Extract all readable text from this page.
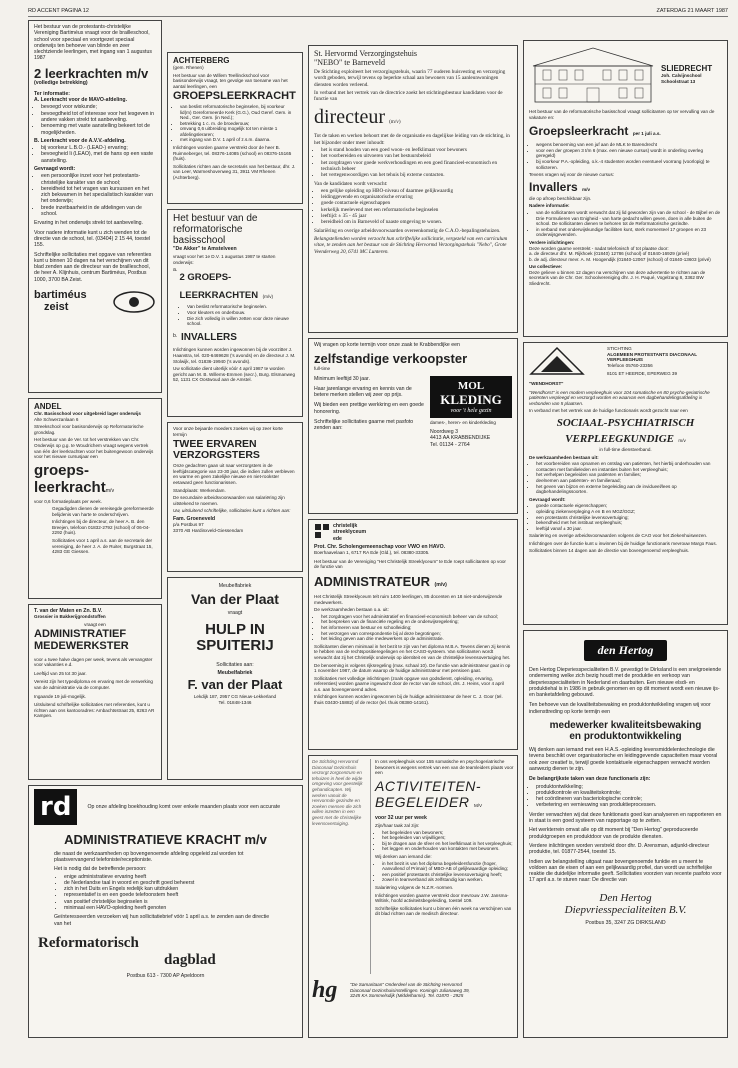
RD ACCENT PAGINA 12	ZATERDAG 21 MAART 1987
Het bestuur van de protestants-christelijke Vereniging Bartiméus vraagt voor de brailleschool, school voor speciaal en voortgezet speciaal onderwijs ten behoeve van blinde en zeer slechtziende leerlingen, met ingang van 1 augustus 1987
2 leerkrachten m/v
(volledige betrekking)
Ter informatie:
A. Leerkracht voor de MAVO-afdeling.
• bevoegd voor wiskunde;
• bevoegdheid tot of interesse voor het lesgeven in andere vakken strekt tot aanbeveling.
• benoeming met vaste aanstelling bekeert tot de mogelijkheden.
B. Leerkracht voor de A.V.V.-afdeling.
• bij voorkeur L.B.O.- (LEAO-) ervaring;
• bevoegheid Ii (LEAO), met de hans op een vaste aanstelling.
Gevraagd wordt:
• een persoonlijke inzet voor het protestants-christelijke karakter van de school;
• bereidheid tot het vragen van kursussen en het zich bekwamen in het specialistisch karakter van het onderwijs;
• brede inzetbaarheid in de afdelingen van de school.
Ervaring in het onderwijs strekt tot aanbeveling.
Voor nadere informatie kunt u zich wenden tot de directie van de school, tel. (03404) 2 15 44, toestel 155.
Schriftelijke sollicitaties met opgave van referenties kunt u binnen 10 dagen na het verschijnen van dit blad zenden aan de directeur van de brailleschool, de heer A. Klijnhuis, centrum Bartiméus, Postbus 1000, 3700 BA Zeist.
bartiméus
zeist
ANDEL
Chr. Basisschool voor uitgebreid lager onderwijs
Alte Schwerzanlaan 6
Streekschool voor basisonderwijs op Reformatorische grondslag.
Het bestuur van de Ver. tot het verstrekken van Chr. Onderwijs op g.g. te Woudrichem vraagt wegens vertrek van één der leerkrachten voor het buitengewoon onderwijs voor het nieuwe cursusjaar een
groeps-
leerkrachtm/v
voor 0,6 formatieplaats per week.
Gegadigden dienen de vereisegde gereformeerde belijdenis van harte te onderschrijven.
Inlichtingen bij de directeur, de heer A. B. den Breejen, telefoon 01832-2792 (school) of 06-04-2292 (huis).
Sollicitaties voor 1 april a.s. aan de secretaris der vereniging, de heer J. A. de Ruiter, Burgstraat 15, 4283 GE Giessen.
T. van der Maten en Zn. B.V.
Grossier in Bakkerijgrondstoffen
vraagt een
ADMINISTRATIEF MEDEWERKSTER
voor ± twee halve dagen per week, tevens als vervangster voor vakanties e.d.
Leeftijd van 25 tot 30 jaar.
Vereist zijn het typediploma en ervaring met de verwerking van de administratie via de computer.
Ingaande 19 juli-mogelijk.
Uitsluitend schriftelijke sollicitaties met referenties, kunt u richten aan ons kantooradres: Ambachtsstraat 25, 8263 AR Kampen.
ACHTERBERG
(gem. Rhenen)
Het bestuur van de Willem Teellinckschool voor basisonderwijs vraagt, ten gevolge van toename van het aantal leerlingen, een
GROEPSLEERKRACHT
• van beslist reformatorische beginselen, bij voorkeur lid(m) Gereformeerde Kerk (G.G.), Oud Geref. Gem. in Ned., Ger. Gem. (in Ned.);
• betrekking 1 c. m. de broederouw;
• omvang 0,6 uitbreiding mogelijk tot ten minste 1 afdelingsleraren;
• met ingang van D.V. 1 april of z.s.m. daarna.
Inlichtingen worden gaarne verstrekt door de heer B. Ruimneberger, tel. 08376-14085 (school) en 08376-15165 (huis).
Sollicitaties richten aan de secretaris van het bestuur, dhr. J. van Leer, Warmeshovenweg 31, 3911 VM Rhenen (Achterberg).
Het bestuur van de reformatorische basisschool
"De Akker" te Amstelveen
vraagt voor het 1e D.V. 1 augustus 1987 te starten onderwijs:
a.
2 GROEPS-LEERKRACHTEN (m/v)
• Van beslist reformatorische beginselen.
• Voor kleuters en onderbouw.
• Die zich volledig in willen zetten voor deze nieuwe school.
b. INVALLERS
Inlichtingen kunnen worden ingewonnen bij de voorzitter J. Haanstra, tel. 020-6469628 ('s avonds) en de directeur J. M. Stolwijk, tel. 01836-19940 ('s avonds).
Uw sollicitatie dient uiterlijk vóór 4 april 1987 te worden gericht aan M. B. Willems-Emmen (secr.), Burg. Elsmanweg 52, 1131 CX Oostwoud aan de Amstel.
Voor onze bejaarde moeders zoeken wij op zeer korte termijn
TWEE ERVAREN VERZORGSTERS
Onze gedachten gaan uit naar verzorgsters in de leeftijdscategorie van 23-30 jaar, die indien zullen verbleven en warme en geen zakelijke nieuwe en niet-rookster eetaward geen functionarissen.
Standplaats: Werkendam.
De secundaire arbeidsvoorwaarden van salariëring zijn uitstekend te noemen.
Uw, uitsluitend schriftelijke, sollicitaties kunt u richten aan:
Fam. Groeneveld
p/a Postbus 97
3370 AB Hardinxveld-Giessendam
Meubelfabriek
Van der Plaat
vraagt
HULP IN
SPUITERIJ
Sollicitaties aan:
Meubelfabriek
F. van der Plaat
Lekdijk 187, 2957 CG Nieuw-Lekkerland
Tel. 01848-1346
St. Hervormd Verzorgingstehuis
"NEBO" te Barneveld
De Stichting exploiteert het verzorgingstehuis, waarin 77 ouderen huisvesting en verzorging wordt geboden, terwijl tevens op beperkte schaal aan bewoners van 15 aanleunwoningen diensten worden verleend.
In verband met het vertrek van de directrice zoekt het stichtingsbestuur kandidaten voor de functie van
directeur (m/v)
Tot de taken en werken behoort met de de organisatie en dagelijkse leiding van de stichting, in het bijzonder onder meer inhoudt:
• het is stand houden van een goed woon- en leefklimaat voor bewoners
• het voorbereiden en uitvoeren van het bestuursbeleid
• het zorgdragen voor goede werkverhoudingen en een goed financieel-economisch en technisch beheer
• het vertegenwoordigen van het tehuis bij externe contacten.
Van de kandidaten wordt verwacht:
• een gelijke opleiding op HBO-niveau of daarmee gelijkwaardig
• leidinggevende en organisatorische ervaring
• goede contactuele eigenschappen
• kerkelijk meelevend met een reformatorische beginselen
• leeftijd: ± 35 - 45 jaar
• bereidheid om in Barneveld of naaste omgeving te wonen.
Salariëring en overige arbeidsvoorwaarden overeenkomstig de C.A.O.-bepalingstehuizen.
Belangstellenden worden verzocht hun schriftelijke sollicitatie, vergezeld van een curriculum vitae, te zenden aan het bestuur van de Stichting Hervormd Verzorgingstehuis "Nebo", Grote Veenderweg 20, 6741 MC Lunteren.
Wij vragen op korte termijn voor onze zaak te Krabbendijke een
zelfstandige verkoopster
full-time
Minimum leeftijd 30 jaar.
Haar jarenlange ervaring en kennis van de betere merken stellen wij zeer op prijs.
Wij bieden een prettige werkkring en een goede honorering.
Schriftelijke sollicitaties gaarne met pasfoto zenden aan:
MOL
KLEDING
voor 't hele gezin
dames-, heren- en kinderkleding
Noordweg 3
4413 AA KRABBENDIJKE
Tel. 01134 - 2764
christelijk
streeklyceum
ede
Prot. Chr. Scholengemeenschap voor VWO en HAVO.
Boerhaavelaan 1, 6717 RA Ede (Gld.), tel. 08380-33305.
Het bestuur van de Vereniging "Het Christelijk Streeklyceum" te Ede roept sollicitanten op voor de functie van
ADMINISTRATEUR (m/v)
Het Christelijk Streeklyceum telt ruim 1400 leerlingen, 85 docenten en 18 niet-onderwijzende medewerkers.
De werkzaamheden bestaan o.a. uit:
• het zorgdragen voor het administratief en financieel-economisch beheer van de school;
• het bespreken van de financiële regeling en de onderwijsregelering;
• het informeren van bestuur en schoolleiding;
• het verzorgen van correspondentie bij al deze begrotingen;
• het leiding geven aan drie medewerkers op de administratie.
Sollicitanten dienen minimaal in het bezit te zijn van het diploma M.B.A. Tevens dienen zij kennis te hebben van de rechtspositieregelingen en het CASO-systeem. Van sollicitanten wordt verwacht dat zij het Christelijk onderwijs op identiteit en van de christelijke levensovertuiging het.
De benoeming is volgens rijksregeling (max. schaal 10). De functie van administrateur gaat in op 1 november 1987, de datum waarop de huidige administrateur met pensioen gaat.
Sollicitaties met volledige inlichtingen (zoals opgave van godsdienst, opleiding, ervaring, referenties) worden gaarne ingewacht door de rector van de school, drs. J. Heins, voor 4 april a.s. aan bovengenoemd adres.
Inlichtingen kunnen worden ingewonnen bij de huidige administrateur de heer C. J. Goor (tel. thuis 03430-15882) of de rector (tel. thuis 08380-14161).
De Stichting Hervormd Diaconaal Gezinshuis verzorgt zorgcentrum en tehuizen in heel de wijde omgeving voor geestelijk gehandicapten. Wij werken vanuit de Hervormde gezindte en zoeken mensen die zich willen inzetten in een geest met de christelijke levensovertuiging.
In ons verpleeghuis voor 155 somatische en psychogeriatrische bewoners is wegens vertrek van een van de teamleiders plaats voor een
ACTIVITEITEN-
BEGELEIDER M/V
voor 32 uur per week
Zijn/haar taak zal zijn:
• het begeleiden van bewoners;
• het begeleiden van vrijwilligers;
• bij te dragen aan de sfeer en het leefklimaat in het verpleeghuis;
• het leggen en onderhouden van kontakten met bewoners.
Wij denken aan iemand die:
• in het bezit is van het diploma begeleidersfunctie (hoger, Aanvullend of Primair) of MBO-AB of gelijkwaardige opleiding;
• een positief protestants christelijke levensovertuiging heeft;
• zowel in teamverband als zelfstandig kan werken.
Salariëring volgens de N.Z.R.-normen.
Inlichtingen worden gaarne verstrekt door mevrouw J.W. Jansma-Wiltink, hoofd activiteitsbegeleiding, toestel 109.
Schriftelijke sollicitaties kunt u binnen één week na verschijnen van dit blad richten aan de medisch directeur.
hg	"De Samaritaan" Onderdeel van de Stichting Hervormd
Diaconaal Gezinshuisinstellingen. Koningin Julianaweg 39,
3245 KA Sommelsdijk (Middelharnis). Tel. 01870 - 2925
SLIEDRECHT
Joh. Calvijnschool
Schoolstraat 13
Het bestuur van de reformatorische basisschool vraagt sollicitanten op ter vervulling van de vakature en:
Groepsleerkracht per 1 juli a.s.
• wegens benoeming van een juf aan de MLK te Barendrecht
• voor een der groepen 3 t/m 6 (max. een nieuwe cursus) wordt in onderling overleg geregeld)
• bij voorkeur P.A.-opleiding, o.k.-4 studenten worden eventueel voorrang (voorlopig) te sollicteren.
Tevens vragen wij voor de nieuwe cursus:
Invallers m/v
die op afroep beschikbaar zijn.
Nadere informatie:
• van de sollicitanten wordt verwacht dat zij lid geworden zijn van de school - de Bijbel en de Drie Formulieren van Enigheid - van harte gedacht willen geven, doen in alle buiten de school. De sollicitanten dienen te behoren tot de Reformatorische gezindte.
• in verband met onderwijskundige facilititen kunt, sterk momenteel 17 groepen en 23 onderwijsgevenden.
Verdere inlichtingen:
Deze worden gaarne verstrekt - nadat telefonisch of tot plaatse door:
a. de directeur dhr. M. Rijkhoek (01840) 12786 (school) of 01840-16929 (privé)
b. de adj. directeur mevr. A. M. Hoogendijk (01840-12067 (school) of 01840-13603 (privé)
Uw collectieve:
Deze gelieve u binnen 12 dagen na verschijnen van deze advertentie te richten aan de secretaris van de Chr. Ger. Schoolvereniging dhr. J. H. Paqué, Vogelzang 8, 3362 BW Sliedrecht.
"WENDHORST"
STICHTING
ALGEMEEN PROTESTANTS DIACONAAL
VERPLEEGHUIS
Telefoon 05760-23356
8101 ET HEERDE, EPERWEG 39
"Wendhorst" is een modern verpleeghuis voor 104 somatische en 80 psycho-geriatrische patiënten verpleegd en verzorgd worden en waarvan een dagbehandelingsafdeling is verbonden van 5 plaatsen.
In verband met het vertrek van de huidige functionaris wordt gezocht naar een
SOCIAAL-PSYCHIATRISCH
VERPLEEGKUNDIGE m/v
in full-time dienstverband.
De werkzaamheden bestaan uit:
• het voorbereiden van opnamen en ontslag van patiënten, het hierbij onderhouden van contacten met familieleden en instanties buiten het verpleeghuis;
• het verhelpen begeleiden van patiënten en families;
• deelnemen aan patiënten- en familieraad;
• het geven van bijzon en externe begeleiding aan de invidueel/lees op dagbehandelingssoorten.
Gevraagd wordt:
• goede contactuele eigenschappen;
• opleiding ziekenverpleging A en B en MGZ/GGZ;
• een protestants christelijke levensovertuiging;
• bekendheid met het instituut verpleeghuis;
• leeftijd vanaf ± 30 jaar.
Salariëring en overige arbeidsvoorwaarden volgens de CAO voor het Ziekenhuiswezen.
Inlichtingen over de functie kunt u inwinnen bij de huidige functionaris mevrouw Margo Faus.
Sollicitaties binnen 14 dagen aan de directie van bovengenoemd verpleeghuis.
den Hertog
Den Hertog Diepvriesspecialiteiten B.V. gevestigd te Dirksland is een snelgroeiende onderneming welke zich bezig houdt met de produktie en verkoop van diepvriesspecialiteiten in Nederland en daarbuiten. Een nieuwe elsdi- en produktiehal is in 1986 in gebruik genomen en op dit moment wordt een nieuwe ijs- en banketafdeling gebouwd.
Ten behoeve van de kwaliteitsbewaking en produktontwikkeling vragen wij voor indiensttreding op korte termijn een
medewerker kwaliteitsbewaking
en produktontwikkeling
Wij denken aan iemand met een H.A.S.-opleiding levensmiddelentechnologie die tevens beschikt over organisatorische en leidinggevende capaciteiten maar vooral ook zeer creatief is, terwijl goede kontaktuele eigenschappen verwacht worden aanwezig dienen te zijn.
De belangrijkste taken van deze functionaris zijn:
• produktontwikkeling;
• produktkontrole en kwaliteitskontrole;
• het coördineren van bacteriologische controle;
• verbetering en vernieuwing van produktieprocessen.
Verder verwachten wij dat deze funktionaris goed kan analyseren en rapporteren en in staat is een goed systeem van rapportage op te zetten.
Het werkterrein omvat alle op dit moment bij "Den Hertog" geproduceerde produktgroepen en produktdoor van de produkte diensten.
Verdere inlichtingen worden verstrekt door dhr. D. Arensman, adjunkt-directeur produktie, tel. 01877-2544, toestel 15.
Indien uw belangstelling uitgaat naar bovengenoemde funktie en u meent te voldoen aan de eisen of aan een gelijkwaardig profiel, dan wordt uw schriftelijke reaktie die duidelijke informatie geeft. Sollicitaties voorzien van recente pasfoto voor 17 april a.s. te sturen naar: De directie van
Den Hertog
Diepvriesspecialiteiten B.V.
Postbus 35, 3247 ZG DIRKSLAND
rd	Op onze afdeling boekhouding komt over enkele maanden plaats voor een accurate
ADMINISTRATIEVE KRACHT m/v
die naast de werkzaamheden op bovengenoemde afdeling opgeleid zal worden tot plaatsvervangend telefoniste/receptioniste.
Het is nodig dat de betreffende persoon:
• enige administratieve ervaring heeft
• de Nederlandse taal in woord en geschrift goed beheerst
• zich in het Duits en Engels redelijk kan uitdrukken
• representatief is en een goede telefoonstem heeft
• van positief christelijke beginselen is
• minimaal een HAVO-opleiding heeft genoten
Geïnteresseerden verzoeken wij hun sollicitatiebrief vóór 1 april a.s. te zenden aan de directie van het
Reformatorisch
dagblad
Postbus 613 - 7300 AP Apeldoorn
